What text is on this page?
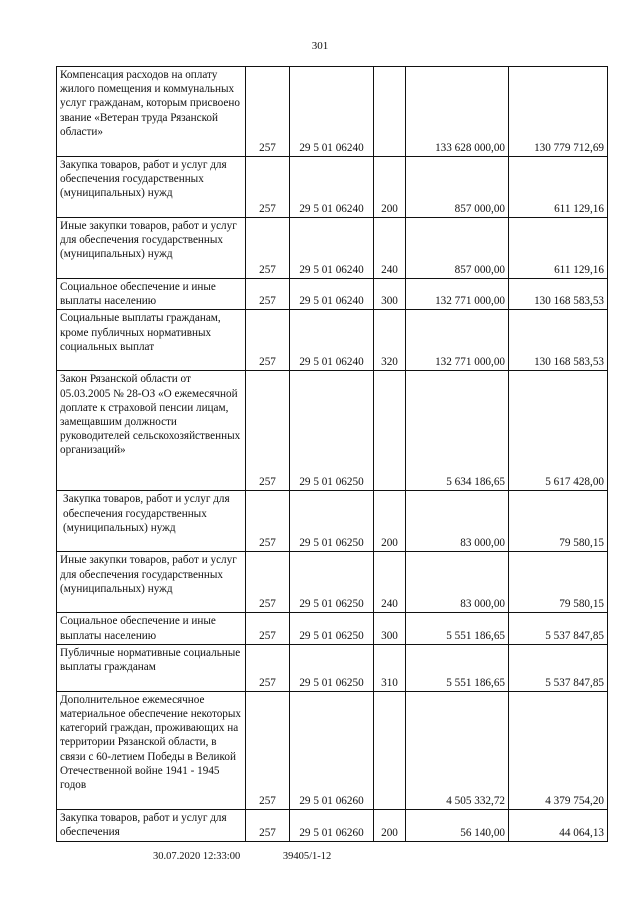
301
Компенсация расходов на оплату жилого помещения и коммунальных услуг гражданам, которым присвоено звание «Ветеран труда Рязанской области»	257	29 5 01 06240		133 628 000,00	130 779 712,69
Закупка товаров, работ и услуг для обеспечения государственных (муниципальных) нужд	257	29 5 01 06240	200	857 000,00	611 129,16
Иные закупки товаров, работ и услуг для обеспечения государственных (муниципальных) нужд	257	29 5 01 06240	240	857 000,00	611 129,16
Социальное обеспечение и иные выплаты населению	257	29 5 01 06240	300	132 771 000,00	130 168 583,53
Социальные выплаты гражданам, кроме публичных нормативных социальных выплат	257	29 5 01 06240	320	132 771 000,00	130 168 583,53
Закон Рязанской области от 05.03.2005 № 28-ОЗ «О ежемесячной доплате к страховой пенсии лицам, замещавшим должности руководителей сельскохозяйственных организаций»	257	29 5 01 06250		5 634 186,65	5 617 428,00
Закупка товаров, работ и услуг для обеспечения государственных (муниципальных) нужд	257	29 5 01 06250	200	83 000,00	79 580,15
Иные закупки товаров, работ и услуг для обеспечения государственных (муниципальных) нужд	257	29 5 01 06250	240	83 000,00	79 580,15
Социальное обеспечение и иные выплаты населению	257	29 5 01 06250	300	5 551 186,65	5 537 847,85
Публичные нормативные социальные выплаты гражданам	257	29 5 01 06250	310	5 551 186,65	5 537 847,85
Дополнительное ежемесячное материальное обеспечение некоторых категорий граждан, проживающих на территории Рязанской области, в связи с 60-летием Победы в Великой Отечественной войне 1941 - 1945 годов	257	29 5 01 06260		4 505 332,72	4 379 754,20
Закупка товаров, работ и услуг для обеспечения	257	29 5 01 06260	200	56 140,00	44 064,13
30.07.2020 12:33:00	39405/1-12
